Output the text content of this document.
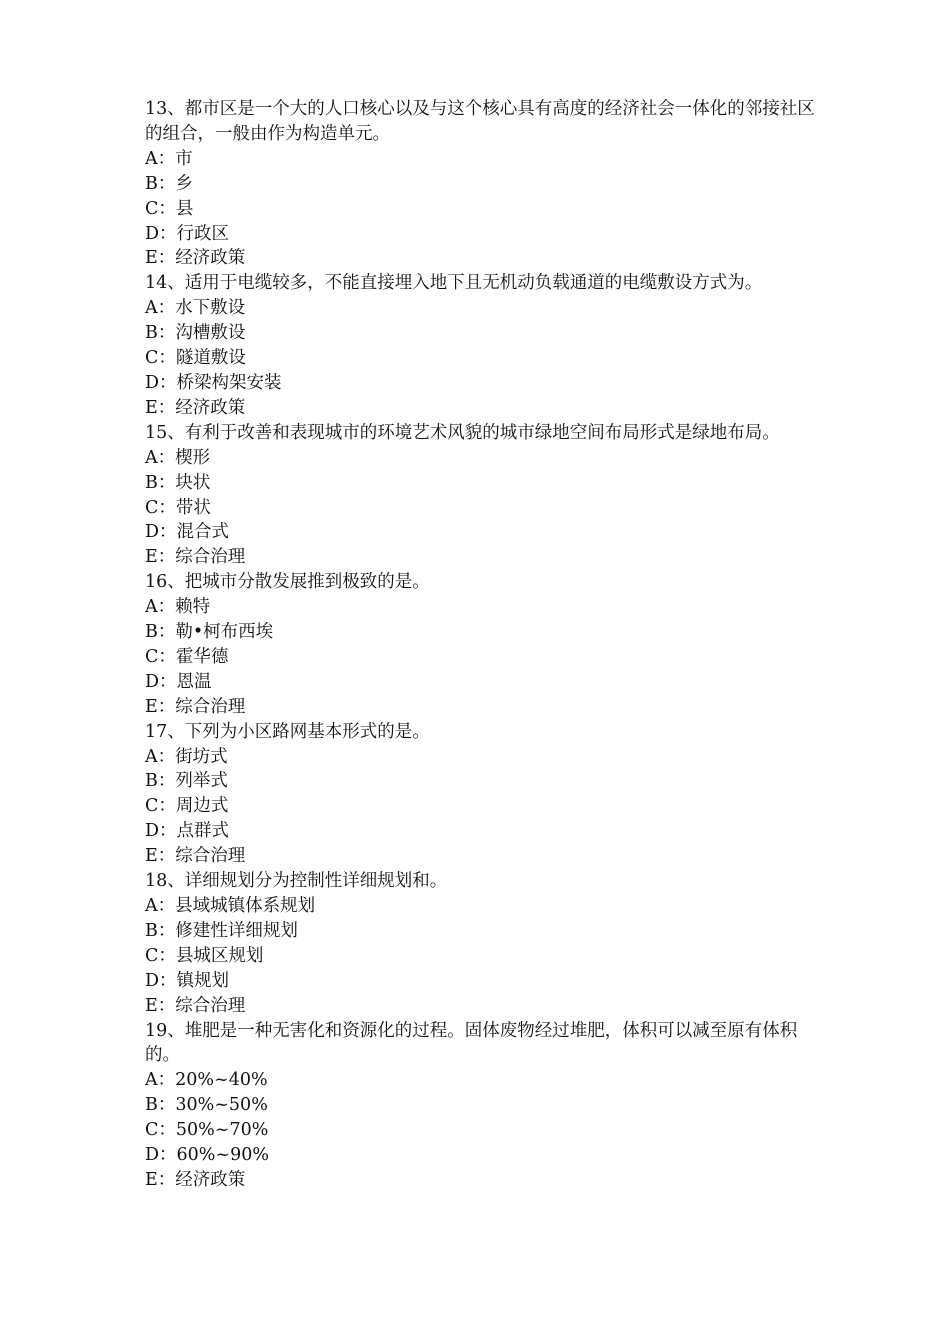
13、都市区是一个大的人口核心以及与这个核心具有高度的经济社会一体化的邻接社区的组合，一般由作为构造单元。
A：市
B：乡
C：县
D：行政区
E：经济政策
14、适用于电缆较多，不能直接埋入地下且无机动负载通道的电缆敷设方式为。
A：水下敷设
B：沟槽敷设
C：隧道敷设
D：桥梁构架安装
E：经济政策
15、有利于改善和表现城市的环境艺术风貌的城市绿地空间布局形式是绿地布局。
A：楔形
B：块状
C：带状
D：混合式
E：综合治理
16、把城市分散发展推到极致的是。
A：赖特
B：勒•柯布西埃
C：霍华德
D：恩温
E：综合治理
17、下列为小区路网基本形式的是。
A：街坊式
B：列举式
C：周边式
D：点群式
E：综合治理
18、详细规划分为控制性详细规划和。
A：县域城镇体系规划
B：修建性详细规划
C：县城区规划
D：镇规划
E：综合治理
19、堆肥是一种无害化和资源化的过程。固体废物经过堆肥，体积可以减至原有体积的。
A：20%~40%
B：30%~50%
C：50%~70%
D：60%~90%
E：经济政策
